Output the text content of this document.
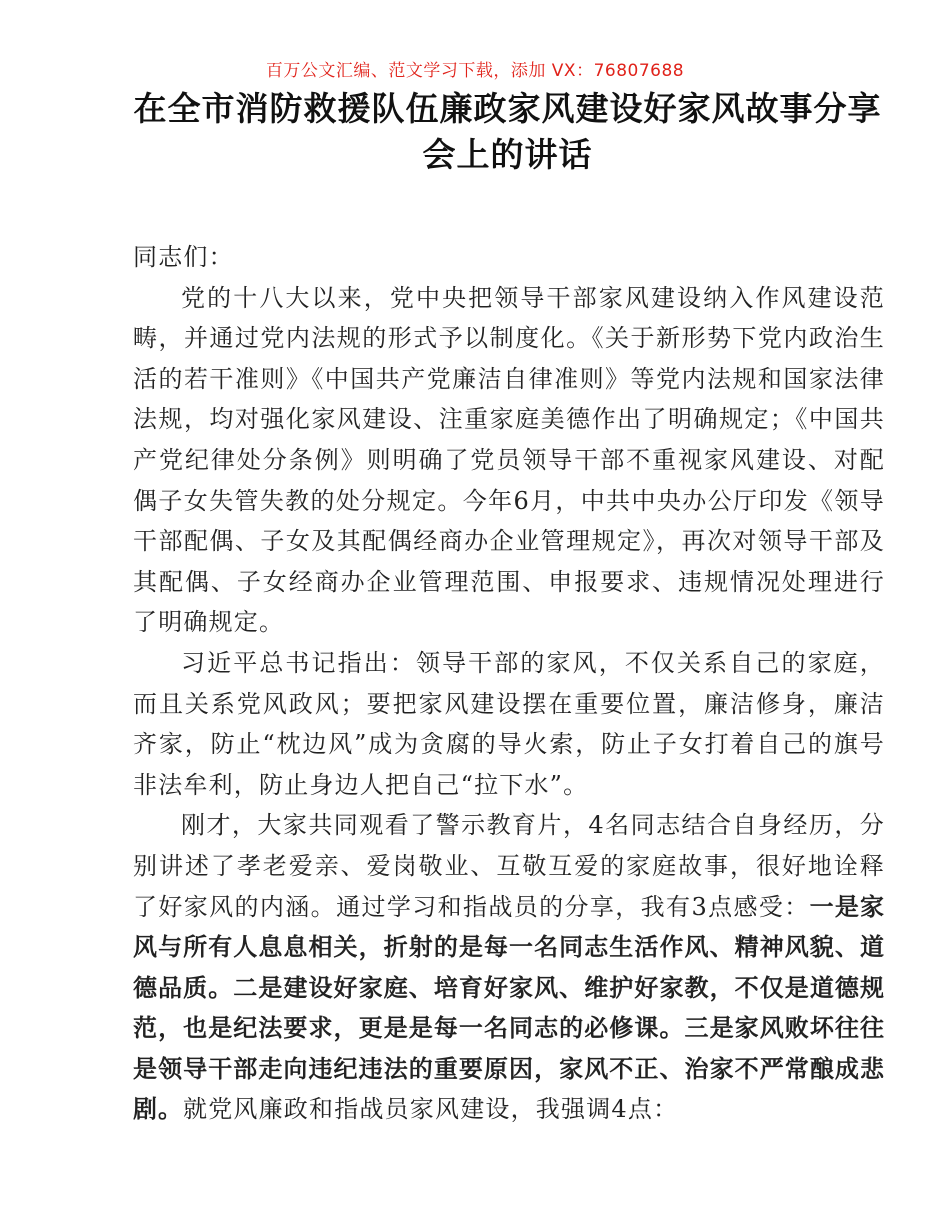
百万公文汇编、范文学习下载，添加 VX：76807688
在全市消防救援队伍廉政家风建设好家风故事分享会上的讲话

同志们：

党的十八大以来，党中央把领导干部家风建设纳入作风建设范畴，并通过党内法规的形式予以制度化。《关于新形势下党内政治生活的若干准则》《中国共产党廉洁自律准则》等党内法规和国家法律法规，均对强化家风建设、注重家庭美德作出了明确规定；《中国共产党纪律处分条例》则明确了党员领导干部不重视家风建设、对配偶子女失管失教的处分规定。今年6月，中共中央办公厅印发《领导干部配偶、子女及其配偶经商办企业管理规定》，再次对领导干部及其配偶、子女经商办企业管理范围、申报要求、违规情况处理进行了明确规定。

习近平总书记指出：领导干部的家风，不仅关系自己的家庭，而且关系党风政风；要把家风建设摆在重要位置，廉洁修身，廉洁齐家，防止“枕边风”成为贪腐的导火索，防止子女打着自己的旗号非法牟利，防止身边人把自己“拉下水”。

刚才，大家共同观看了警示教育片，4名同志结合自身经历，分别讲述了孝老爱亲、爱岗敬业、互敬互爱的家庭故事，很好地诠释了好家风的内涵。通过学习和指战员的分享，我有3点感受：一是家风与所有人息息相关，折射的是每一名同志生活作风、精神风貌、道德品质。二是建设好家庭、培育好家风、维护好家教，不仅是道德规范，也是纪法要求，更是是每一名同志的必修课。三是家风败坏往往是领导干部走向违纪违法的重要原因，家风不正、治家不严常酿成悲剧。就党风廉政和指战员家风建设，我强调4点：
